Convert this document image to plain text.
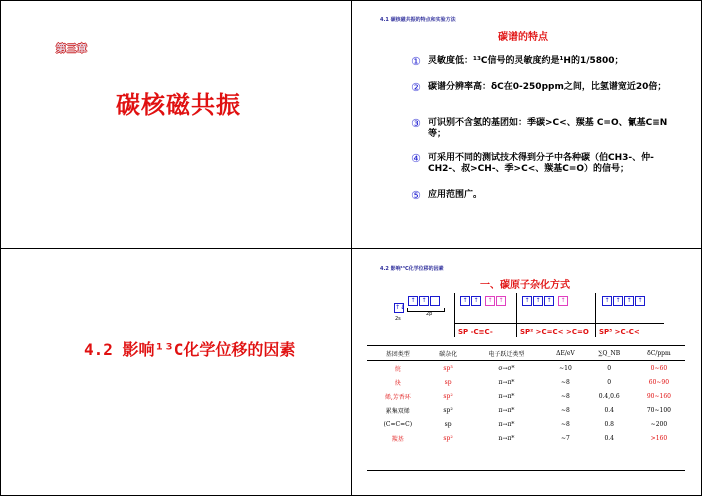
第三章
碳核磁共振
4.1 碳核磁共振的特点和实验方法
碳谱的特点
① 灵敏度低：¹³C信号的灵敏度约是¹H的1/5800；
② 碳谱分辨率高：δC在0-250ppm之间，比氢谱宽近20倍；
③ 可识别不含氢的基团如：季碳>C<、羰基 C=O、氰基C≡N等；
④ 可采用不同的测试技术得到分子中各种碳（伯CH3-、仲-CH2-、叔>CH-、季>C<、羰基C=O）的信号；
⑤ 应用范围广。
4.2 影响¹³C化学位移的因素
4.2 影响¹³C化学位移的因素
一、碳原子杂化方式
↑↓
↑ ↑
2s
2p
↑ ↑	↑ ↑	↑ ↑ ↑	↑	↑ ↑ ↑ ↑
SP -C≡C-	SP² >C=C< >C=O SP³ >C-C<
基团类型	碳杂化	电子跃迁类型	ΔE/eV	∑Q_NB	δC/ppm
烷	sp³	σ→σ*	~10	0	0~60
炔	sp	π→π*	~8	0	60~90
烯,芳香环	sp²	π→π*	~8	0.4,0.6	90~160
累集双烯	sp²	π→π*	~8	0.4	70~100
(C=C=C)	sp	π→π*	~8	0.8	~200
羰基	sp²	n→π*	~7	0.4	>160
